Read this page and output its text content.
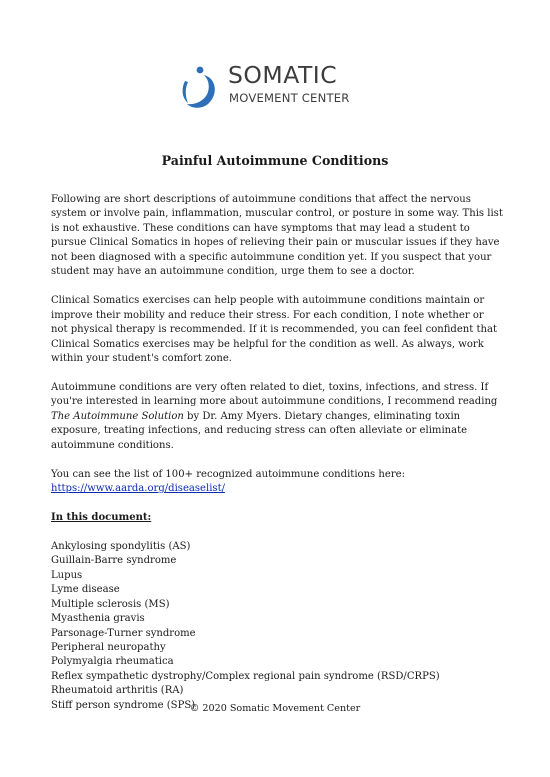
SOMATIC
MOVEMENT CENTER
Painful Autoimmune Conditions

Following are short descriptions of autoimmune conditions that affect the nervous system or involve pain, inflammation, muscular control, or posture in some way. This list is not exhaustive. These conditions can have symptoms that may lead a student to pursue Clinical Somatics in hopes of relieving their pain or muscular issues if they have not been diagnosed with a specific autoimmune condition yet. If you suspect that your student may have an autoimmune condition, urge them to see a doctor.

Clinical Somatics exercises can help people with autoimmune conditions maintain or improve their mobility and reduce their stress. For each condition, I note whether or not physical therapy is recommended. If it is recommended, you can feel confident that Clinical Somatics exercises may be helpful for the condition as well. As always, work within your student's comfort zone.

Autoimmune conditions are very often related to diet, toxins, infections, and stress. If you're interested in learning more about autoimmune conditions, I recommend reading The Autoimmune Solution by Dr. Amy Myers. Dietary changes, eliminating toxin exposure, treating infections, and reducing stress can often alleviate or eliminate autoimmune conditions.

You can see the list of 100+ recognized autoimmune conditions here:
https://www.aarda.org/diseaselist/

In this document:

Ankylosing spondylitis (AS)
Guillain-Barre syndrome
Lupus
Lyme disease
Multiple sclerosis (MS)
Myasthenia gravis
Parsonage-Turner syndrome
Peripheral neuropathy
Polymyalgia rheumatica
Reflex sympathetic dystrophy/Complex regional pain syndrome (RSD/CRPS)
Rheumatoid arthritis (RA)
Stiff person syndrome (SPS)
© 2020 Somatic Movement Center
